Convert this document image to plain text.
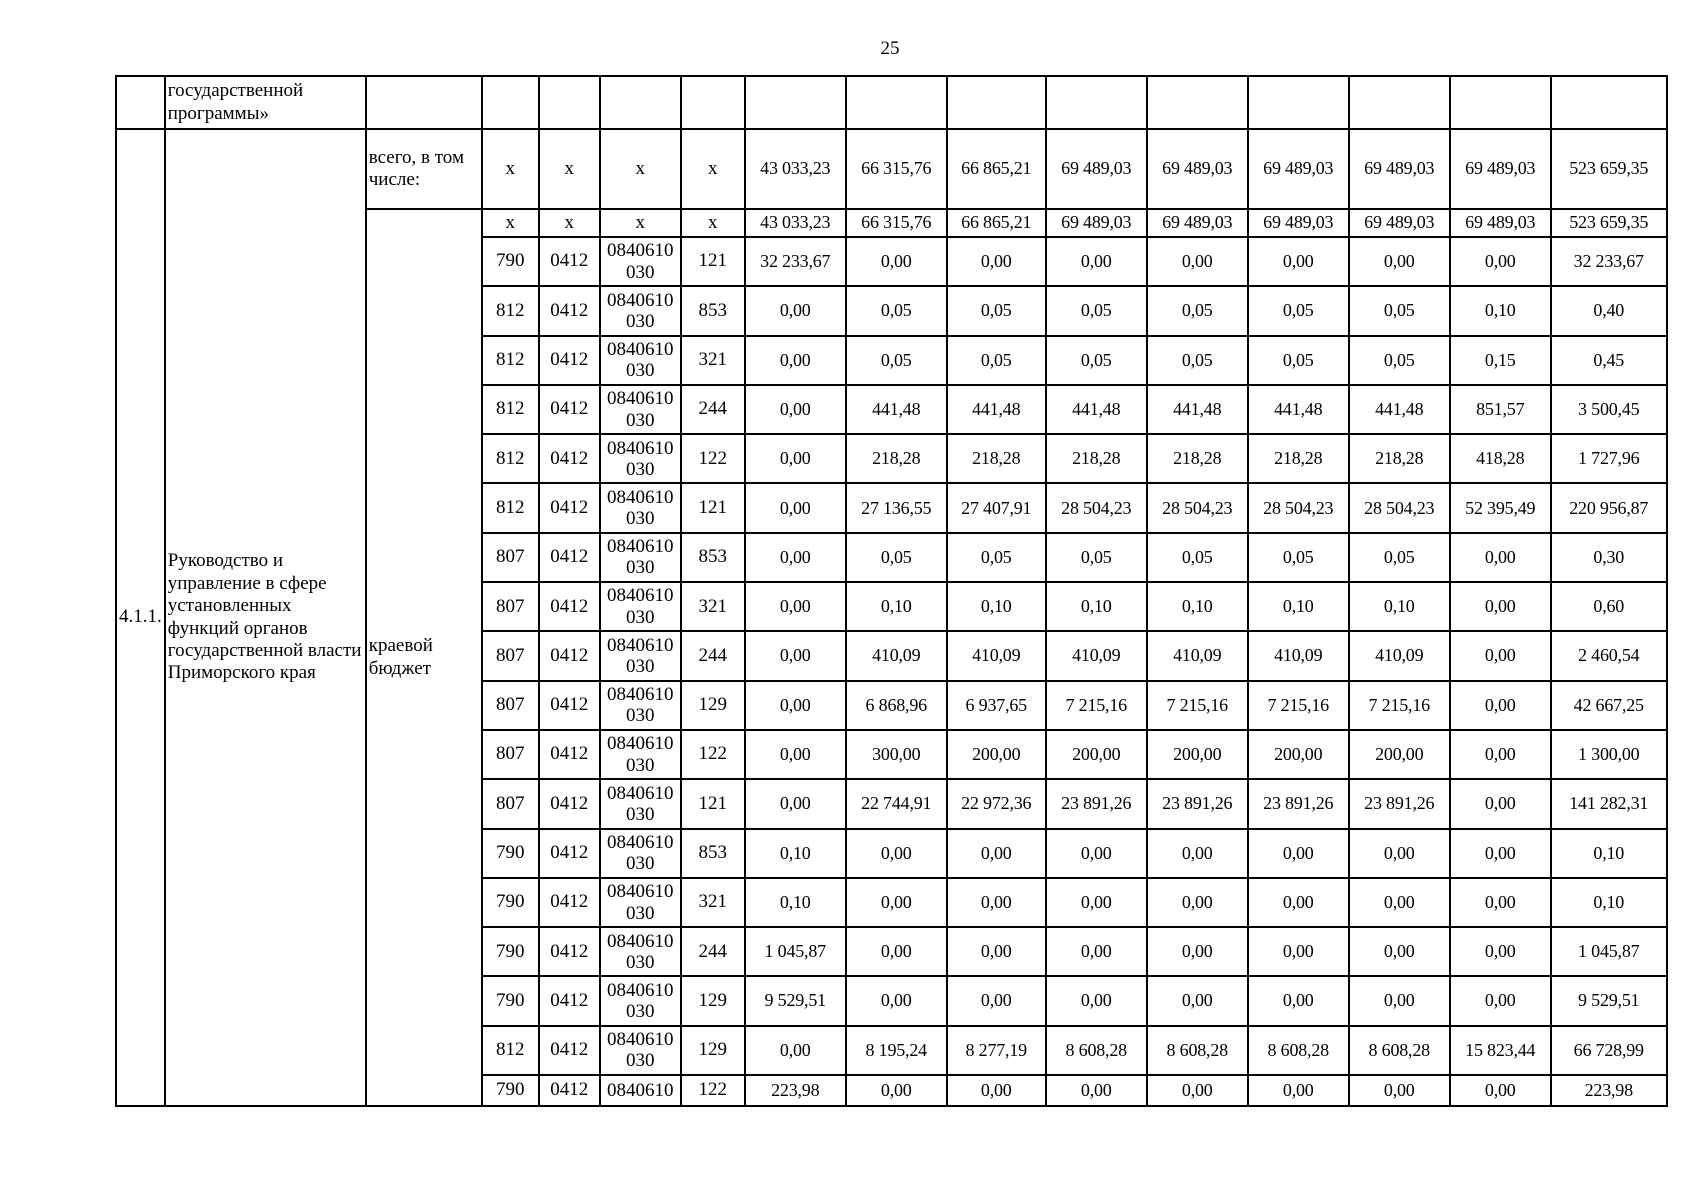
25
	государственной программы»														
4.1.1.	Руководство и управление в сфере установленных функций органов государственной власти Приморского края	всего, в том числе:	x	x	x	x	43 033,23	66 315,76	66 865,21	69 489,03	69 489,03	69 489,03	69 489,03	69 489,03	523 659,35
		краевой бюджет	x	x	x	x	43 033,23	66 315,76	66 865,21	69 489,03	69 489,03	69 489,03	69 489,03	69 489,03	523 659,35
			790	0412	0840610 030	121	32 233,67	0,00	0,00	0,00	0,00	0,00	0,00	0,00	32 233,67
			812	0412	0840610 030	853	0,00	0,05	0,05	0,05	0,05	0,05	0,05	0,10	0,40
			812	0412	0840610 030	321	0,00	0,05	0,05	0,05	0,05	0,05	0,05	0,15	0,45
			812	0412	0840610 030	244	0,00	441,48	441,48	441,48	441,48	441,48	441,48	851,57	3 500,45
			812	0412	0840610 030	122	0,00	218,28	218,28	218,28	218,28	218,28	218,28	418,28	1 727,96
			812	0412	0840610 030	121	0,00	27 136,55	27 407,91	28 504,23	28 504,23	28 504,23	28 504,23	52 395,49	220 956,87
			807	0412	0840610 030	853	0,00	0,05	0,05	0,05	0,05	0,05	0,05	0,00	0,30
			807	0412	0840610 030	321	0,00	0,10	0,10	0,10	0,10	0,10	0,10	0,00	0,60
			807	0412	0840610 030	244	0,00	410,09	410,09	410,09	410,09	410,09	410,09	0,00	2 460,54
			807	0412	0840610 030	129	0,00	6 868,96	6 937,65	7 215,16	7 215,16	7 215,16	7 215,16	0,00	42 667,25
			807	0412	0840610 030	122	0,00	300,00	200,00	200,00	200,00	200,00	200,00	0,00	1 300,00
			807	0412	0840610 030	121	0,00	22 744,91	22 972,36	23 891,26	23 891,26	23 891,26	23 891,26	0,00	141 282,31
			790	0412	0840610 030	853	0,10	0,00	0,00	0,00	0,00	0,00	0,00	0,00	0,10
			790	0412	0840610 030	321	0,10	0,00	0,00	0,00	0,00	0,00	0,00	0,00	0,10
			790	0412	0840610 030	244	1 045,87	0,00	0,00	0,00	0,00	0,00	0,00	0,00	1 045,87
			790	0412	0840610 030	129	9 529,51	0,00	0,00	0,00	0,00	0,00	0,00	0,00	9 529,51
			812	0412	0840610 030	129	0,00	8 195,24	8 277,19	8 608,28	8 608,28	8 608,28	8 608,28	15 823,44	66 728,99
			790	0412	0840610	122	223,98	0,00	0,00	0,00	0,00	0,00	0,00	0,00	223,98
